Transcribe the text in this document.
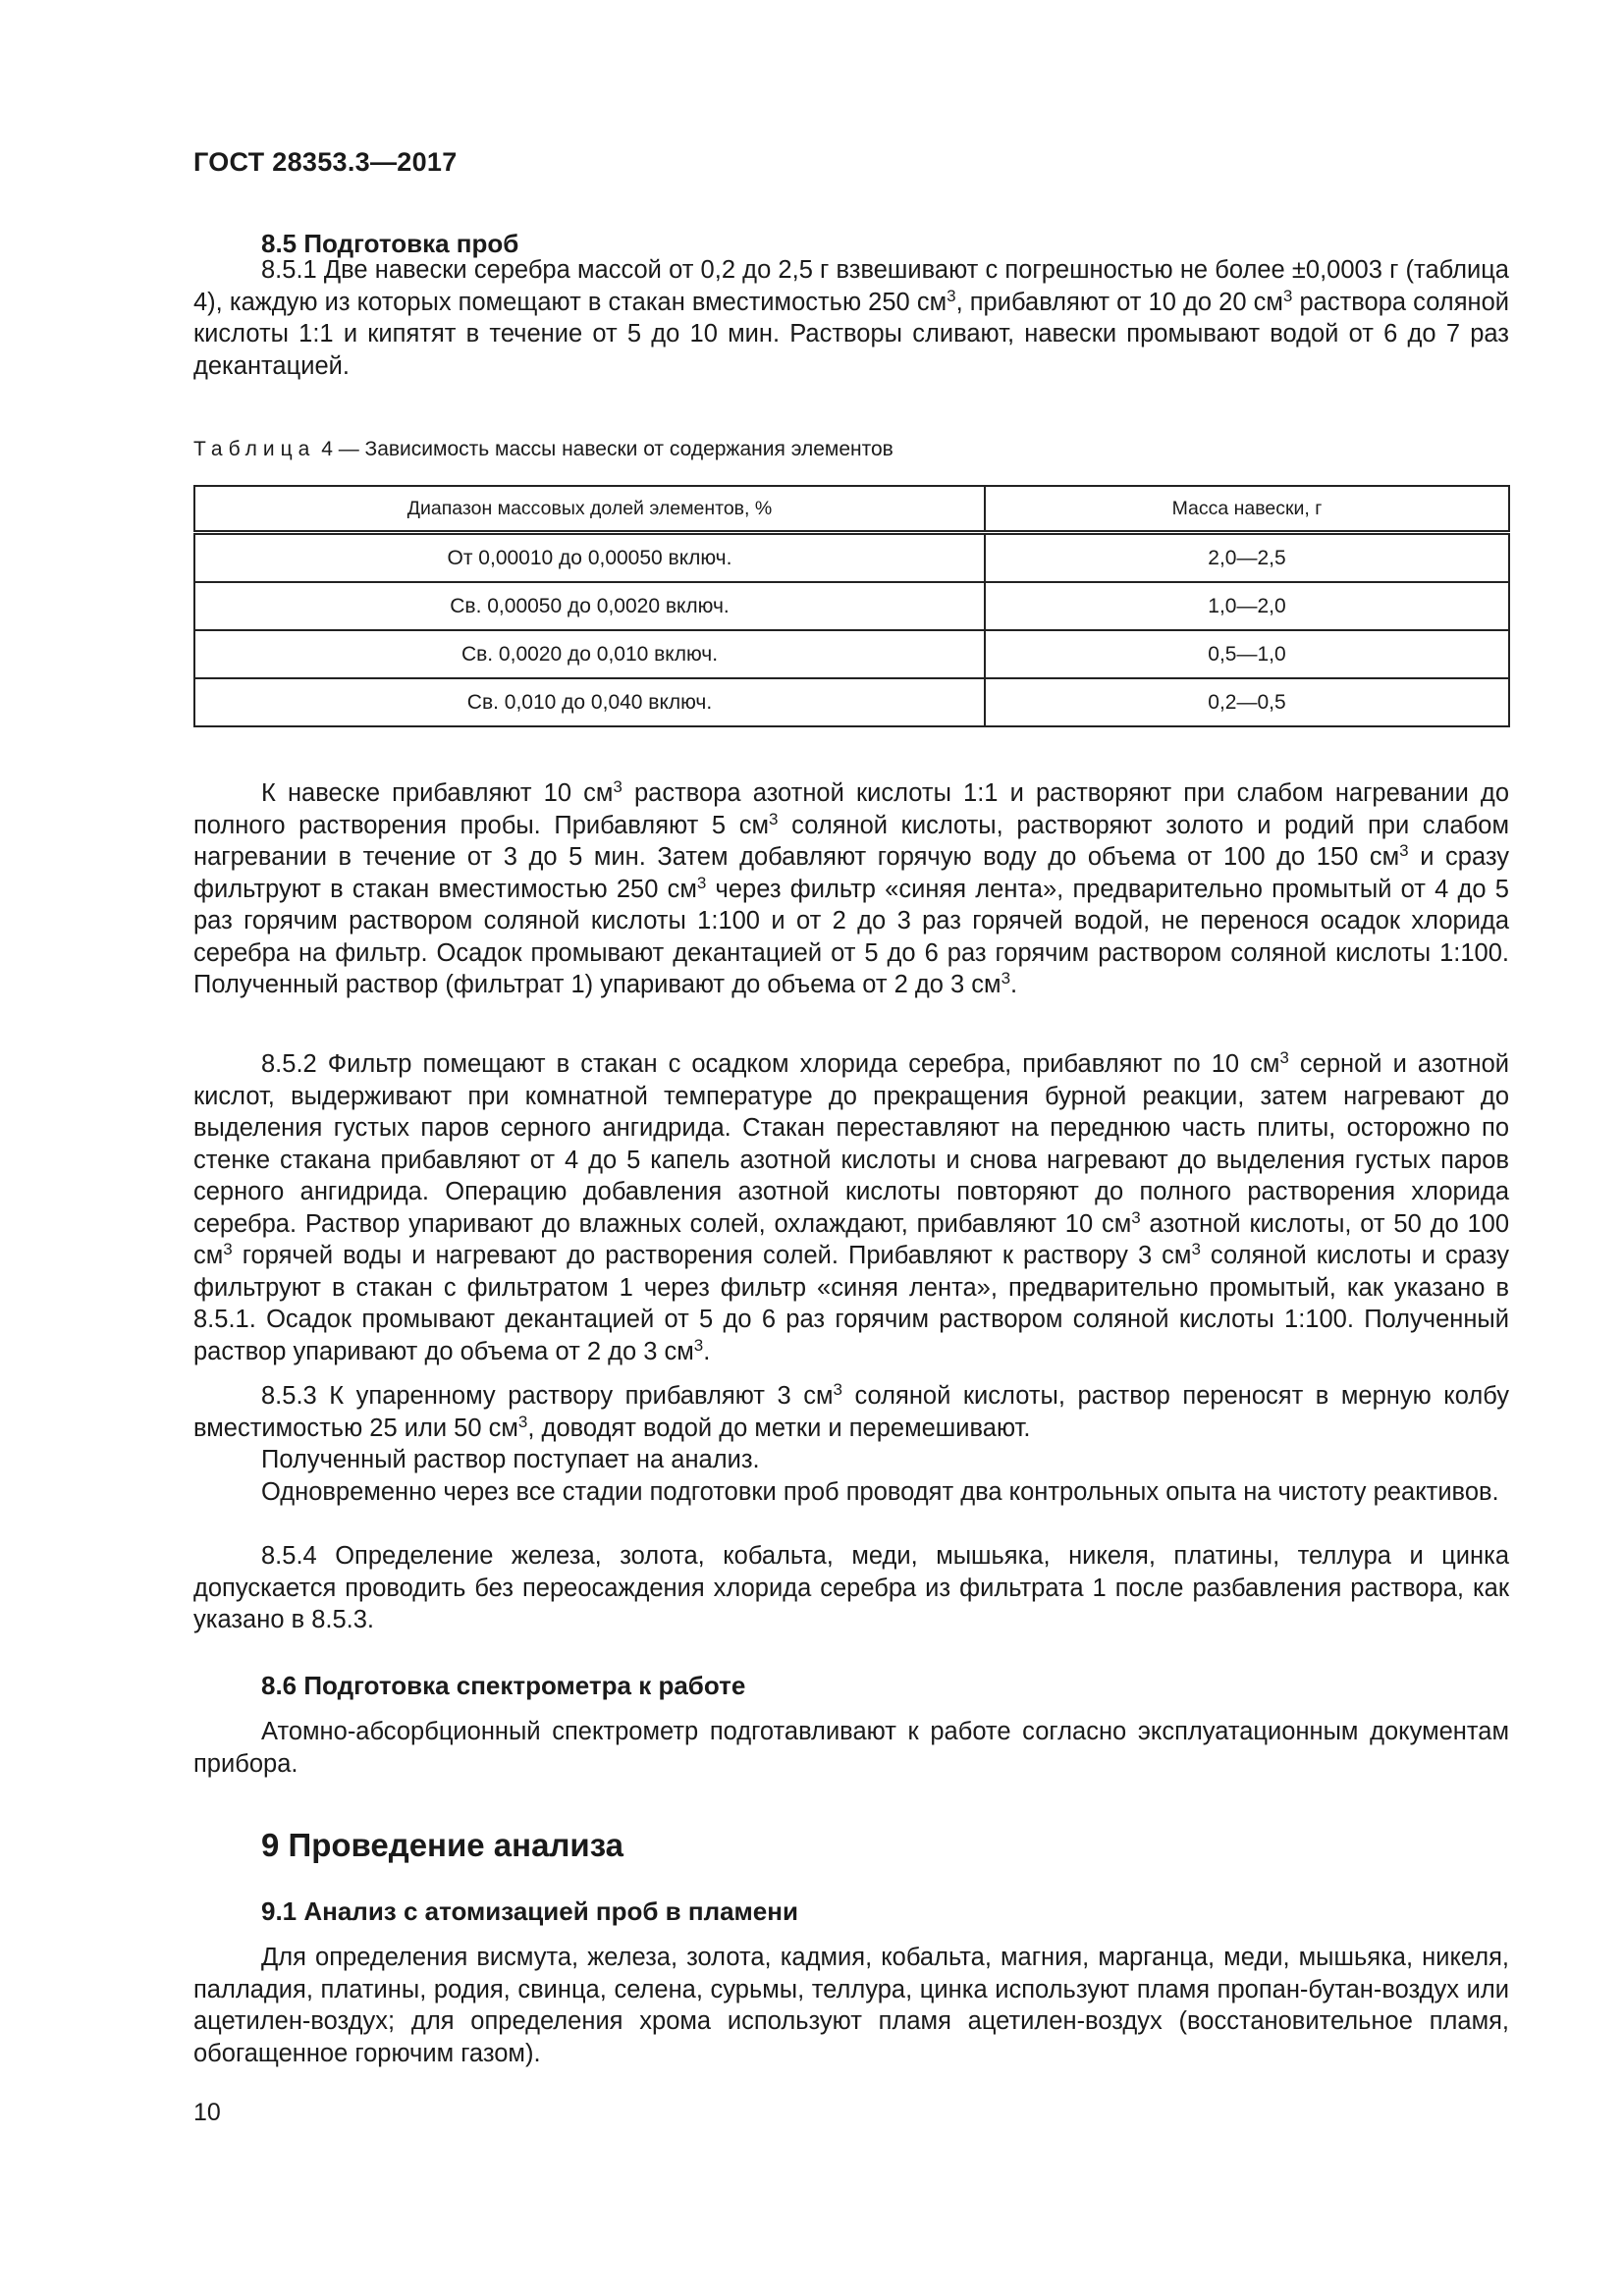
ГОСТ 28353.3—2017
8.5 Подготовка проб

8.5.1 Две навески серебра массой от 0,2 до 2,5 г взвешивают с погрешностью не более ±0,0003 г (таблица 4), каждую из которых помещают в стакан вместимостью 250 $см^3$, прибавляют от 10 до 20 $см^3$ раствора соляной кислоты 1:1 и кипятят в течение от 5 до 10 мин. Растворы сливают, навески промывают водой от 6 до 7 раз декантацией.

Таблица 4 — Зависимость массы навески от содержания элементов
Диапазон массовых долей элементов, %	Масса навески, г
От 0,00010 до 0,00050 включ.	2,0—2,5
Св. 0,00050 до 0,0020 включ.	1,0—2,0
Св. 0,0020 до 0,010 включ.	0,5—1,0
Св. 0,010 до 0,040 включ.	0,2—0,5

К навеске прибавляют 10 $см^3$ раствора азотной кислоты 1:1 и растворяют при слабом нагревании до полного растворения пробы. Прибавляют 5 $см^3$ соляной кислоты, растворяют золото и родий при слабом нагревании в течение от 3 до 5 мин. Затем добавляют горячую воду до объема от 100 до 150 $см^3$ и сразу фильтруют в стакан вместимостью 250 $см^3$ через фильтр «синяя лента», предварительно промытый от 4 до 5 раз горячим раствором соляной кислоты 1:100 и от 2 до 3 раз горячей водой, не перенося осадок хлорида серебра на фильтр. Осадок промывают декантацией от 5 до 6 раз горячим раствором соляной кислоты 1:100. Полученный раствор (фильтрат 1) упаривают до объема от 2 до 3 $см^3$.

8.5.2 Фильтр помещают в стакан с осадком хлорида серебра, прибавляют по 10 $см^3$ серной и азотной кислот, выдерживают при комнатной температуре до прекращения бурной реакции, затем нагревают до выделения густых паров серного ангидрида. Стакан переставляют на переднюю часть плиты, осторожно по стенке стакана прибавляют от 4 до 5 капель азотной кислоты и снова нагревают до выделения густых паров серного ангидрида. Операцию добавления азотной кислоты повторяют до полного растворения хлорида серебра. Раствор упаривают до влажных солей, охлаждают, прибавляют 10 $см^3$ азотной кислоты, от 50 до 100 $см^3$ горячей воды и нагревают до растворения солей. Прибавляют к раствору 3 $см^3$ соляной кислоты и сразу фильтруют в стакан с фильтратом 1 через фильтр «синяя лента», предварительно промытый, как указано в 8.5.1. Осадок промывают декантацией от 5 до 6 раз горячим раствором соляной кислоты 1:100. Полученный раствор упаривают до объема от 2 до 3 $см^3$.

8.5.3 К упаренному раствору прибавляют 3 $см^3$ соляной кислоты, раствор переносят в мерную колбу вместимостью 25 или 50 $см^3$, доводят водой до метки и перемешивают.

Полученный раствор поступает на анализ.

Одновременно через все стадии подготовки проб проводят два контрольных опыта на чистоту реактивов.

8.5.4 Определение железа, золота, кобальта, меди, мышьяка, никеля, платины, теллура и цинка допускается проводить без переосаждения хлорида серебра из фильтрата 1 после разбавления раствора, как указано в 8.5.3.

8.6 Подготовка спектрометра к работе

Атомно-абсорбционный спектрометр подготавливают к работе согласно эксплуатационным документам прибора.

9 Проведение анализа
9.1 Анализ с атомизацией проб в пламени

Для определения висмута, железа, золота, кадмия, кобальта, магния, марганца, меди, мышьяка, никеля, палладия, платины, родия, свинца, селена, сурьмы, теллура, цинка используют пламя пропан-бутан-воздух или ацетилен-воздух; для определения хрома используют пламя ацетилен-воздух (восстановительное пламя, обогащенное горючим газом).

10
